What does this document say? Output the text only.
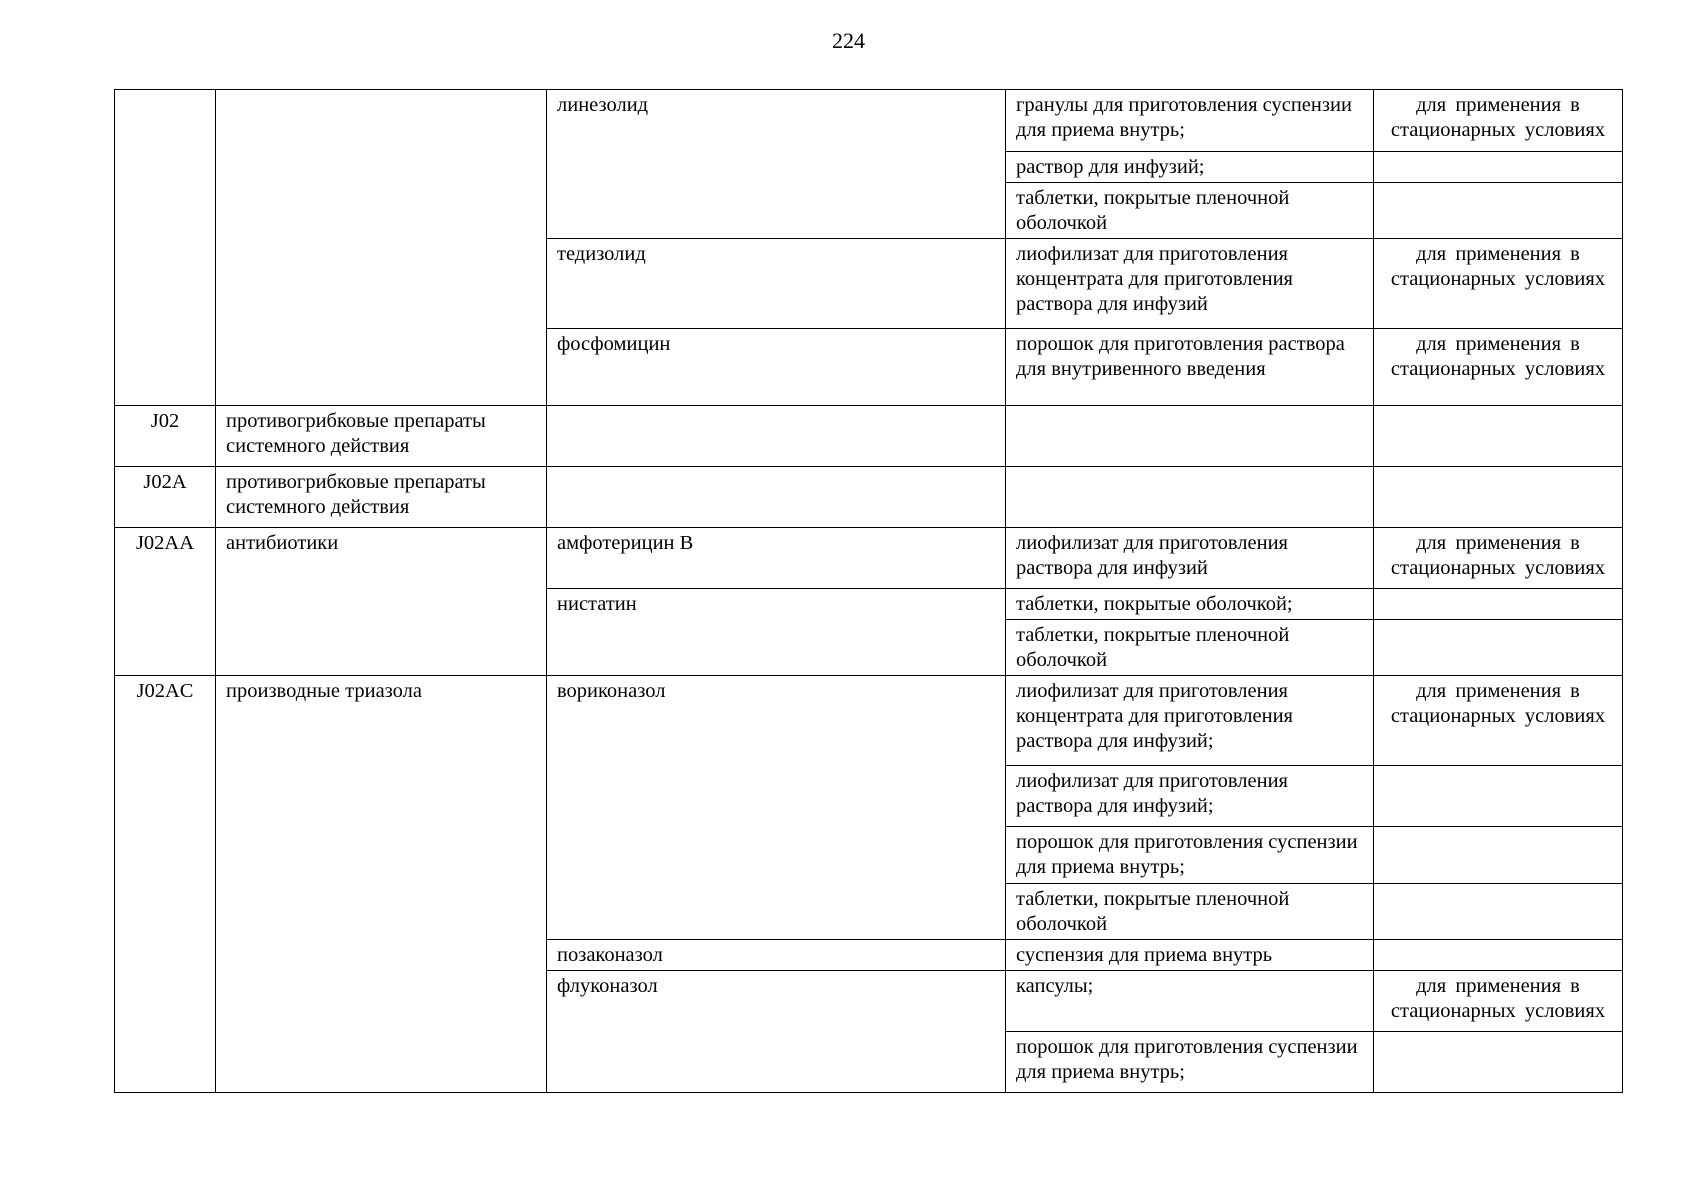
224
		линезолид	гранулы для приготовления суспензии для приема внутрь;	для применения в стационарных условиях
			раствор для инфузий;	
			таблетки, покрытые пленочной оболочкой	
		тедизолид	лиофилизат для приготовления концентрата для приготовления раствора для инфузий	для применения в стационарных условиях
		фосфомицин	порошок для приготовления раствора для внутривенного введения	для применения в стационарных условиях
J02	противогрибковые препараты системного действия			
J02A	противогрибковые препараты системного действия			
J02AA	антибиотики	амфотерицин B	лиофилизат для приготовления раствора для инфузий	для применения в стационарных условиях
		нистатин	таблетки, покрытые оболочкой;	
			таблетки, покрытые пленочной оболочкой	
J02AC	производные триазола	вориконазол	лиофилизат для приготовления концентрата для приготовления раствора для инфузий;	для применения в стационарных условиях
			лиофилизат для приготовления раствора для инфузий;	
			порошок для приготовления суспензии для приема внутрь;	
			таблетки, покрытые пленочной оболочкой	
		позаконазол	суспензия для приема внутрь	
		флуконазол	капсулы;	для применения в стационарных условиях
			порошок для приготовления суспензии для приема внутрь;	
